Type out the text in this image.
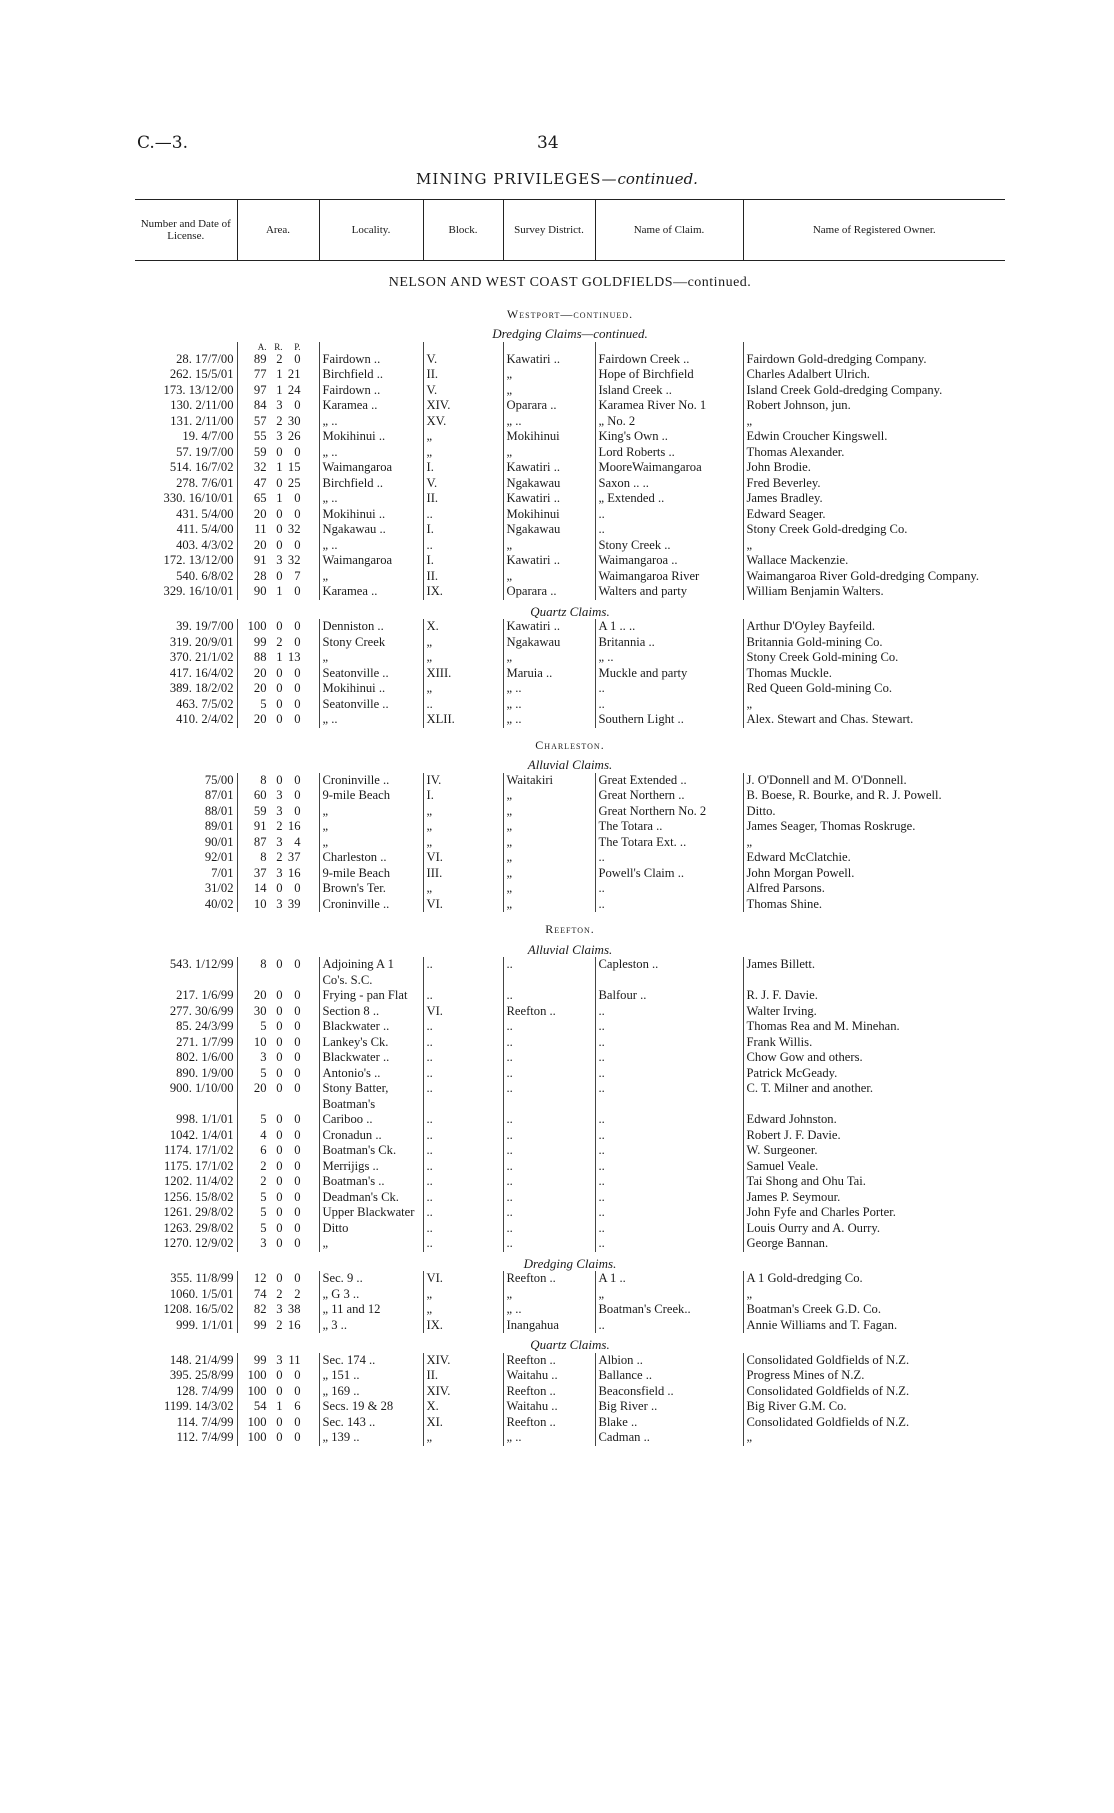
C.—3.	34
MINING PRIVILEGES—continued.
Number and Date of License.	Area.	Locality.	Block.	Survey District.	Name of Claim.	Name of Registered Owner.
NELSON AND WEST COAST GOLDFIELDS—continued.						
Westport—continued.						
Dredging Claims—continued.						
	A. R. P.					
28. 17/7/00	89 2 0	Fairdown ..	V.	Kawatiri ..	Fairdown Creek ..	Fairdown Gold-dredging Company.
262. 15/5/01	77 1 21	Birchfield ..	II.	„	Hope of Birchfield	Charles Adalbert Ulrich.
173. 13/12/00	97 1 24	Fairdown ..	V.	„	Island Creek ..	Island Creek Gold-dredging Company.
130. 2/11/00	84 3 0	Karamea ..	XIV.	Oparara ..	Karamea River No. 1	Robert Johnson, jun.
131. 2/11/00	57 2 30	„ ..	XV.	„ ..	„ No. 2	„
19. 4/7/00	55 3 26	Mokihinui ..	„	Mokihinui	King's Own ..	Edwin Croucher Kingswell.
57. 19/7/00	59 0 0	„ ..	„	„	Lord Roberts ..	Thomas Alexander.
514. 16/7/02	32 1 15	Waimangaroa	I.	Kawatiri ..	MooreWaimangaroa	John Brodie.
278. 7/6/01	47 0 25	Birchfield ..	V.	Ngakawau	Saxon .. ..	Fred Beverley.
330. 16/10/01	65 1 0	„ ..	II.	Kawatiri ..	„ Extended ..	James Bradley.
431. 5/4/00	20 0 0	Mokihinui ..	..	Mokihinui	..	Edward Seager.
411. 5/4/00	11 0 32	Ngakawau ..	I.	Ngakawau	..	Stony Creek Gold-dredging Co.
403. 4/3/02	20 0 0	„ ..	..	„	Stony Creek ..	„
172. 13/12/00	91 3 32	Waimangaroa	I.	Kawatiri ..	Waimangaroa ..	Wallace Mackenzie.
540. 6/8/02	28 0 7	„	II.	„	Waimangaroa River	Waimangaroa River Gold-dredging Company.
329. 16/10/01	90 1 0	Karamea ..	IX.	Oparara ..	Walters and party	William Benjamin Walters.
Quartz Claims.						
39. 19/7/00	100 0 0	Denniston ..	X.	Kawatiri ..	A 1 .. ..	Arthur D'Oyley Bayfeild.
319. 20/9/01	99 2 0	Stony Creek	„	Ngakawau	Britannia ..	Britannia Gold-mining Co.
370. 21/1/02	88 1 13	„	„	„	„ ..	Stony Creek Gold-mining Co.
417. 16/4/02	20 0 0	Seatonville ..	XIII.	Maruia ..	Muckle and party	Thomas Muckle.
389. 18/2/02	20 0 0	Mokihinui ..	„	„ ..	..	Red Queen Gold-mining Co.
463. 7/5/02	5 0 0	Seatonville ..	..	„ ..	..	„
410. 2/4/02	20 0 0	„ ..	XLII.	„ ..	Southern Light ..	Alex. Stewart and Chas. Stewart.
Charleston.						
Alluvial Claims.						
75/00	8 0 0	Croninville ..	IV.	Waitakiri	Great Extended ..	J. O'Donnell and M. O'Donnell.
87/01	60 3 0	9-mile Beach	I.	„	Great Northern ..	B. Boese, R. Bourke, and R. J. Powell.
88/01	59 3 0	„	„	„	Great Northern No. 2	Ditto.
89/01	91 2 16	„	„	„	The Totara ..	James Seager, Thomas Roskruge.
90/01	87 3 4	„	„	„	The Totara Ext. ..	„
92/01	8 2 37	Charleston ..	VI.	„	..	Edward McClatchie.
7/01	37 3 16	9-mile Beach	III.	„	Powell's Claim ..	John Morgan Powell.
31/02	14 0 0	Brown's Ter.	„	„	..	Alfred Parsons.
40/02	10 3 39	Croninville ..	VI.	„	..	Thomas Shine.
Reefton.						
Alluvial Claims.						
543. 1/12/99	8 0 0	Adjoining A 1 Co's. S.C.	..	..	Capleston ..	James Billett.
217. 1/6/99	20 0 0	Frying - pan Flat	..	..	Balfour ..	R. J. F. Davie.
277. 30/6/99	30 0 0	Section 8 ..	VI.	Reefton ..	..	Walter Irving.
85. 24/3/99	5 0 0	Blackwater ..	..	..	..	Thomas Rea and M. Minehan.
271. 1/7/99	10 0 0	Lankey's Ck.	..	..	..	Frank Willis.
802. 1/6/00	3 0 0	Blackwater ..	..	..	..	Chow Gow and others.
890. 1/9/00	5 0 0	Antonio's ..	..	..	..	Patrick McGeady.
900. 1/10/00	20 0 0	Stony Batter, Boatman's	..	..	..	C. T. Milner and another.
998. 1/1/01	5 0 0	Cariboo ..	..	..	..	Edward Johnston.
1042. 1/4/01	4 0 0	Cronadun ..	..	..	..	Robert J. F. Davie.
1174. 17/1/02	6 0 0	Boatman's Ck.	..	..	..	W. Surgeoner.
1175. 17/1/02	2 0 0	Merrijigs ..	..	..	..	Samuel Veale.
1202. 11/4/02	2 0 0	Boatman's ..	..	..	..	Tai Shong and Ohu Tai.
1256. 15/8/02	5 0 0	Deadman's Ck.	..	..	..	James P. Seymour.
1261. 29/8/02	5 0 0	Upper Blackwater	..	..	..	John Fyfe and Charles Porter.
1263. 29/8/02	5 0 0	Ditto	..	..	..	Louis Ourry and A. Ourry.
1270. 12/9/02	3 0 0	„	..	..	..	George Bannan.
Dredging Claims.						
355. 11/8/99	12 0 0	Sec. 9 ..	VI.	Reefton ..	A 1 ..	A 1 Gold-dredging Co.
1060. 1/5/01	74 2 2	„ G 3 ..	„	„	„	„
1208. 16/5/02	82 3 38	„ 11 and 12	„	„ ..	Boatman's Creek..	Boatman's Creek G.D. Co.
999. 1/1/01	99 2 16	„ 3 ..	IX.	Inangahua	..	Annie Williams and T. Fagan.
Quartz Claims.						
148. 21/4/99	99 3 11	Sec. 174 ..	XIV.	Reefton ..	Albion ..	Consolidated Goldfields of N.Z.
395. 25/8/99	100 0 0	„ 151 ..	II.	Waitahu ..	Ballance ..	Progress Mines of N.Z.
128. 7/4/99	100 0 0	„ 169 ..	XIV.	Reefton ..	Beaconsfield ..	Consolidated Goldfields of N.Z.
1199. 14/3/02	54 1 6	Secs. 19 & 28	X.	Waitahu ..	Big River ..	Big River G.M. Co.
114. 7/4/99	100 0 0	Sec. 143 ..	XI.	Reefton ..	Blake ..	Consolidated Goldfields of N.Z.
112. 7/4/99	100 0 0	„ 139 ..	„	„ ..	Cadman ..	„
